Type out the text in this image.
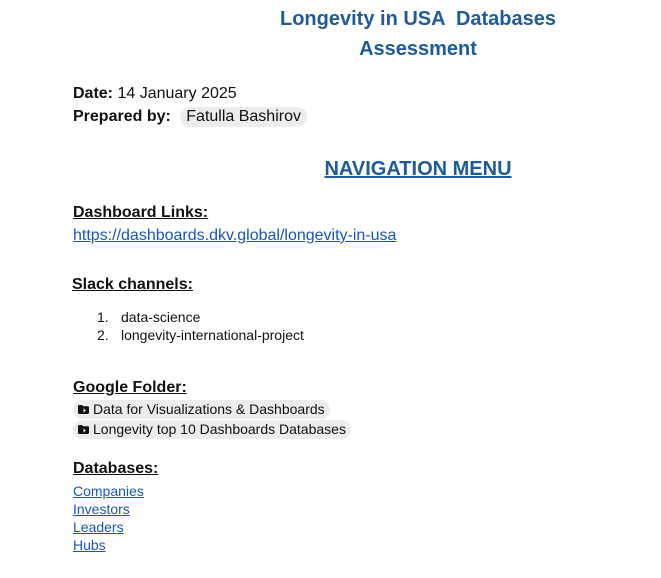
Longevity in USA  Databases Assessment
Date: 14 January 2025
Prepared by: Fatulla Bashirov
NAVIGATION MENU
Dashboard Links:
https://dashboards.dkv.global/longevity-in-usa
Slack channels:
1. data-science
2. longevity-international-project
Google Folder:
Data for Visualizations & Dashboards
Longevity top 10 Dashboards Databases
Databases:
Companies
Investors
Leaders
Hubs
